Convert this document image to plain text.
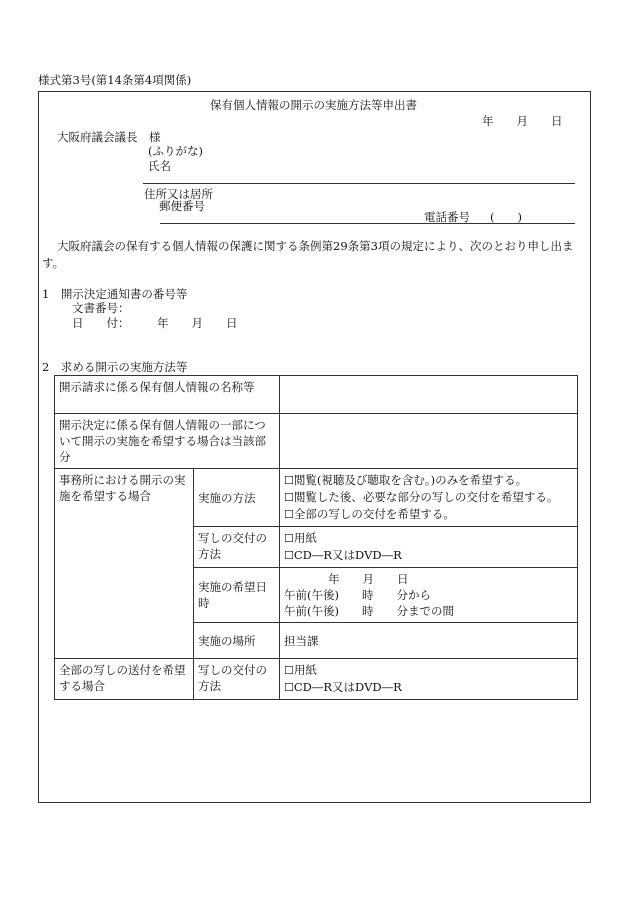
様式第3号(第14条第4項関係)
保有個人情報の開示の実施方法等申出書
年　　月　　日
大阪府議会議長　様
(ふりがな)
氏名
住所又は居所
郵便番号
電話番号 (　　)
大阪府議会の保有する個人情報の保護に関する条例第29条第3項の規定により、次のとおり申し出ま
す。
1　開示決定通知書の番号等
文書番号：
日　　付： 年　　月　　日
2　求める開示の実施方法等
開示請求に係る保有個人情報の名称等		
開示決定に係る保有個人情報の一部について開示の実施を希望する場合は当該部分		
事務所における開示の実施を希望する場合	実施の方法	☐閲覧(視聴及び聴取を含む。)のみを希望する。
☐閲覧した後、必要な部分の写しの交付を希望する。
☐全部の写しの交付を希望する。

	写しの交付の方法	☐用紙
☐CD―R又はDVD―R

	実施の希望日時	年　　月　　日
午前(午後)　　時　　分から
午前(午後)　　時　　分までの間

	実施の場所	担当課
全部の写しの送付を希望する場合	写しの交付の方法	☐用紙
☐CD―R又はDVD―R
